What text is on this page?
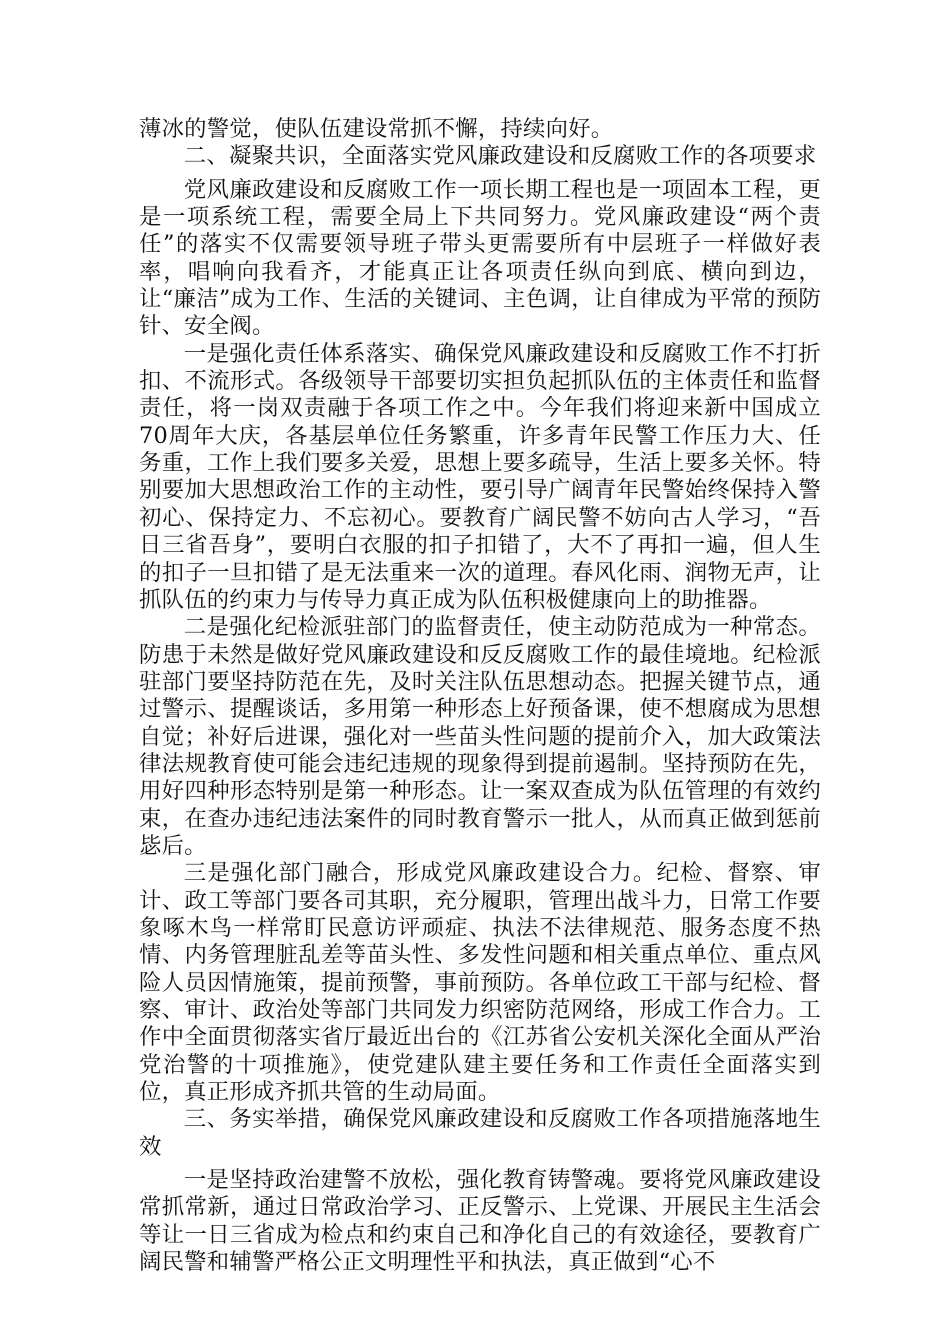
薄冰的警觉，使队伍建设常抓不懈，持续向好。

二、凝聚共识，全面落实党风廉政建设和反腐败工作的各项要求

党风廉政建设和反腐败工作一项长期工程也是一项固本工程，更是一项系统工程，需要全局上下共同努力。党风廉政建设“两个责任”的落实不仅需要领导班子带头更需要所有中层班子一样做好表率，唱响向我看齐，才能真正让各项责任纵向到底、横向到边，让“廉洁”成为工作、生活的关键词、主色调，让自律成为平常的预防针、安全阀。

一是强化责任体系落实、确保党风廉政建设和反腐败工作不打折扣、不流形式。各级领导干部要切实担负起抓队伍的主体责任和监督责任，将一岗双责融于各项工作之中。今年我们将迎来新中国成立70周年大庆，各基层单位任务繁重，许多青年民警工作压力大、任务重，工作上我们要多关爱，思想上要多疏导，生活上要多关怀。特别要加大思想政治工作的主动性，要引导广阔青年民警始终保持入警初心、保持定力、不忘初心。要教育广阔民警不妨向古人学习，“吾日三省吾身”，要明白衣服的扣子扣错了，大不了再扣一遍，但人生的扣子一旦扣错了是无法重来一次的道理。春风化雨、润物无声，让抓队伍的约束力与传导力真正成为队伍积极健康向上的助推器。

二是强化纪检派驻部门的监督责任，使主动防范成为一种常态。防患于未然是做好党风廉政建设和反反腐败工作的最佳境地。纪检派驻部门要坚持防范在先，及时关注队伍思想动态。把握关键节点，通过警示、提醒谈话，多用第一种形态上好预备课，使不想腐成为思想自觉；补好后进课，强化对一些苗头性问题的提前介入，加大政策法律法规教育使可能会违纪违规的现象得到提前遏制。坚持预防在先，用好四种形态特别是第一种形态。让一案双查成为队伍管理的有效约束，在查办违纪违法案件的同时教育警示一批人，从而真正做到惩前毖后。

三是强化部门融合，形成党风廉政建设合力。纪检、督察、审计、政工等部门要各司其职，充分履职，管理出战斗力，日常工作要象啄木鸟一样常盯民意访评顽症、执法不法律规范、服务态度不热情、内务管理脏乱差等苗头性、多发性问题和相关重点单位、重点风险人员因情施策，提前预警，事前预防。各单位政工干部与纪检、督察、审计、政治处等部门共同发力织密防范网络，形成工作合力。工作中全面贯彻落实省厅最近出台的《江苏省公安机关深化全面从严治党治警的十项推施》，使党建队建主要任务和工作责任全面落实到位，真正形成齐抓共管的生动局面。

三、务实举措，确保党风廉政建设和反腐败工作各项措施落地生效

一是坚持政治建警不放松，强化教育铸警魂。要将党风廉政建设常抓常新，通过日常政治学习、正反警示、上党课、开展民主生活会等让一日三省成为检点和约束自己和净化自己的有效途径，要教育广阔民警和辅警严格公正文明理性平和执法，真正做到“心不
